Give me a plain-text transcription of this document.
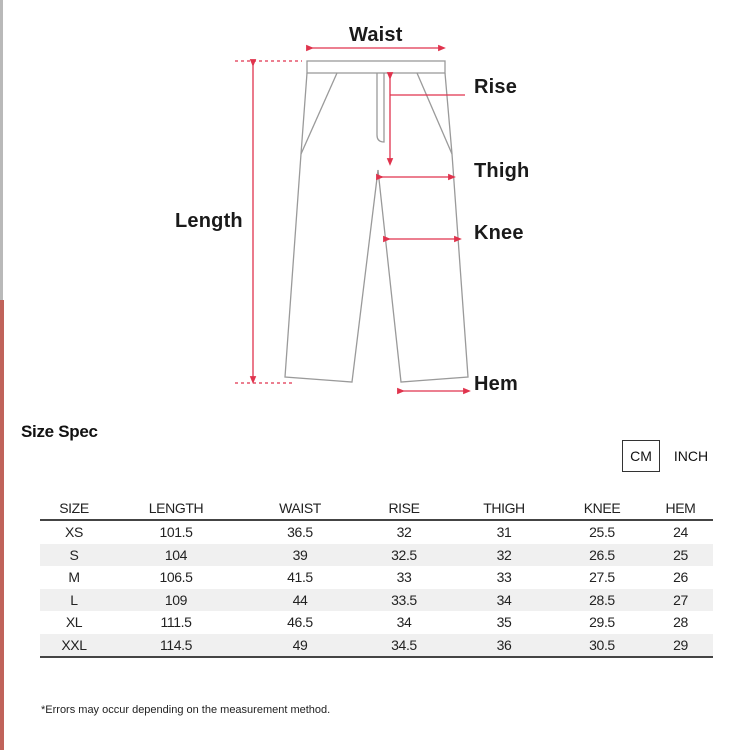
Waist
Rise
Thigh
Knee
Length
Hem
Size Spec
CM	INCH
SIZE	LENGTH	WAIST	RISE	THIGH	KNEE	HEM
XS	101.5	36.5	32	31	25.5	24
S	104	39	32.5	32	26.5	25
M	106.5	41.5	33	33	27.5	26
L	109	44	33.5	34	28.5	27
XL	111.5	46.5	34	35	29.5	28
XXL	114.5	49	34.5	36	30.5	29
*Errors may occur depending on the measurement method.
